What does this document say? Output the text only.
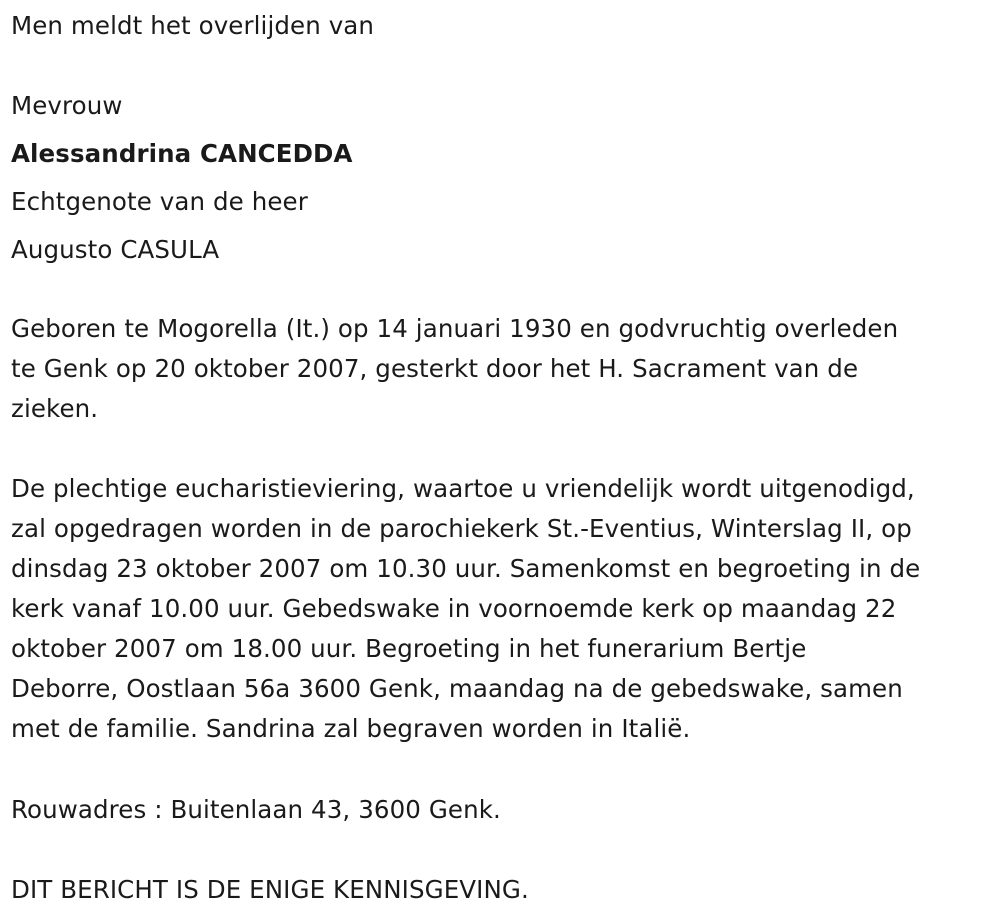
Men meldt het overlijden van
Mevrouw
Alessandrina CANCEDDA
Echtgenote van de heer
Augusto CASULA
Geboren te Mogorella (It.) op 14 januari 1930 en godvruchtig overleden
te Genk op 20 oktober 2007, gesterkt door het H. Sacrament van de
zieken.
De plechtige eucharistieviering, waartoe u vriendelijk wordt uitgenodigd,
zal opgedragen worden in de parochiekerk St.-Eventius, Winterslag II, op
dinsdag 23 oktober 2007 om 10.30 uur. Samenkomst en begroeting in de
kerk vanaf 10.00 uur. Gebedswake in voornoemde kerk op maandag 22
oktober 2007 om 18.00 uur. Begroeting in het funerarium Bertje
Deborre, Oostlaan 56a 3600 Genk, maandag na de gebedswake, samen
met de familie. Sandrina zal begraven worden in Italië.
Rouwadres : Buitenlaan 43, 3600 Genk.
DIT BERICHT IS DE ENIGE KENNISGEVING.
